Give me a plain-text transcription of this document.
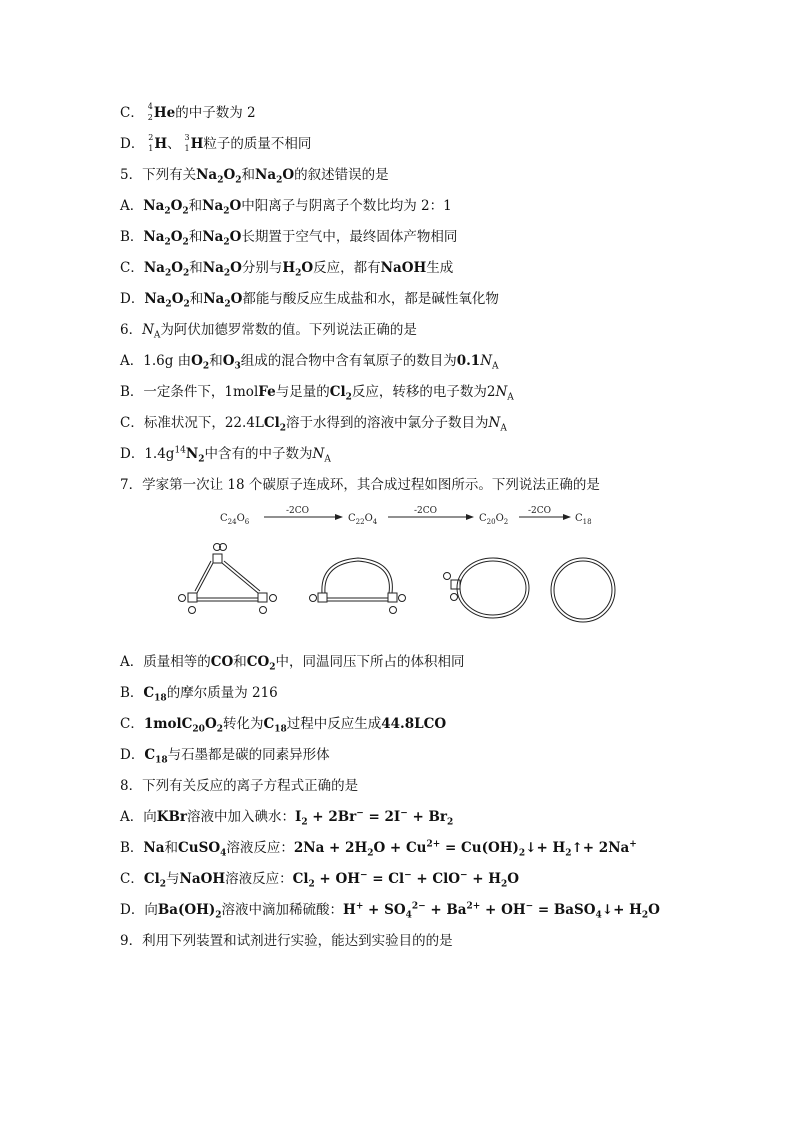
C． 4
2 He的中子数为 2
D． 2
1 H、 3
1 H粒子的质量不相同
5．下列有关$Na_2O_2$和$Na_2O$的叙述错误的是
A．$Na_2O_2$和$Na_2O$中阳离子与阴离子个数比均为 2：1
B．$Na_2O_2$和$Na_2O$长期置于空气中，最终固体产物相同
C．$Na_2O_2$和$Na_2O$分别与$H_2O$反应，都有NaOH生成
D．$Na_2O_2$和$Na_2O$都能与酸反应生成盐和水，都是碱性氧化物
6．$N_A$为阿伏加德罗常数的值。下列说法正确的是
A．1.6g 由$O_2$和$O_3$组成的混合物中含有氧原子的数目为$0.1N_A$
B．一定条件下，1molFe与足量的$Cl_2$反应，转移的电子数为$2N_A$
C．标准状况下，22.4LCl$_2$溶于水得到的溶液中氯分子数目为$N_A$
D．$1.4g^{14}N_2$中含有的中子数为$N_A$
7．学家第一次让 18 个碳原子连成环，其合成过程如图所示。下列说法正确的是
$C_{24}O_6$
-2CO
$C_{22}O_4$
-2CO
$C_{20}O_2$
-2CO
$C_{18}$
A．质量相等的CO和$CO_2$中，同温同压下所占的体积相同
B．$C_{18}$的摩尔质量为 216
C．$1molC_{20}O_2$转化为$C_{18}$过程中反应生成44.8LCO
D．$C_{18}$与石墨都是碳的同素异形体
8．下列有关反应的离子方程式正确的是
A．向KBr溶液中加入碘水：$I_2 + 2Br^- = 2I^- + Br_2$
B．Na和CuSO$_4$溶液反应：$2Na + 2H_2O + Cu^{2+}$ = $Cu(OH)_2↓+$ $H_2↑+ 2Na^+$
C．$Cl_2$与NaOH溶液反应：$Cl_2 + OH^- = Cl^- + ClO^- + H_2O$
D．向$Ba(OH)_2$溶液中滴加稀硫酸：$H^+ + SO_4^{2-} + Ba^{2+} + OH^-$ = BaSO$_4$↓+ $H_2O$
9．利用下列装置和试剂进行实验，能达到实验目的的是
